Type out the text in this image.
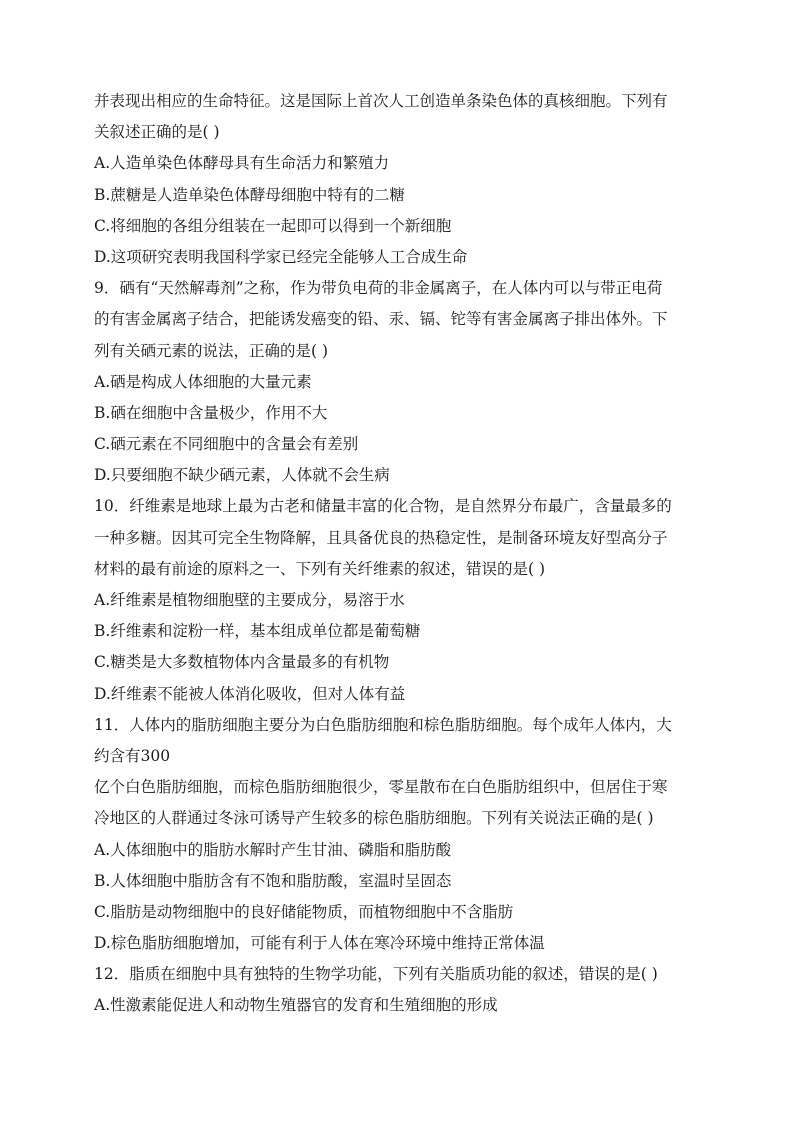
并表现出相应的生命特征。这是国际上首次人工创造单条染色体的真核细胞。下列有
关叙述正确的是( )
A.人造单染色体酵母具有生命活力和繁殖力
B.蔗糖是人造单染色体酵母细胞中特有的二糖
C.将细胞的各组分组装在一起即可以得到一个新细胞
D.这项研究表明我国科学家已经完全能够人工合成生命
9．硒有“天然解毒剂”之称，作为带负电荷的非金属离子，在人体内可以与带正电荷
的有害金属离子结合，把能诱发癌变的铅、汞、镉、铊等有害金属离子排出体外。下
列有关硒元素的说法，正确的是( )
A.硒是构成人体细胞的大量元素
B.硒在细胞中含量极少，作用不大
C.硒元素在不同细胞中的含量会有差别
D.只要细胞不缺少硒元素，人体就不会生病
10．纤维素是地球上最为古老和储量丰富的化合物，是自然界分布最广，含量最多的
一种多糖。因其可完全生物降解，且具备优良的热稳定性，是制备环境友好型高分子
材料的最有前途的原料之一、下列有关纤维素的叙述，错误的是( )
A.纤维素是植物细胞壁的主要成分，易溶于水
B.纤维素和淀粉一样，基本组成单位都是葡萄糖
C.糖类是大多数植物体内含量最多的有机物
D.纤维素不能被人体消化吸收，但对人体有益
11．人体内的脂肪细胞主要分为白色脂肪细胞和棕色脂肪细胞。每个成年人体内，大
约含有300
亿个白色脂肪细胞，而棕色脂肪细胞很少，零星散布在白色脂肪组织中，但居住于寒
冷地区的人群通过冬泳可诱导产生较多的棕色脂肪细胞。下列有关说法正确的是( )
A.人体细胞中的脂肪水解时产生甘油、磷脂和脂肪酸
B.人体细胞中脂肪含有不饱和脂肪酸，室温时呈固态
C.脂肪是动物细胞中的良好储能物质，而植物细胞中不含脂肪
D.棕色脂肪细胞增加，可能有利于人体在寒冷环境中维持正常体温
12．脂质在细胞中具有独特的生物学功能，下列有关脂质功能的叙述，错误的是( )
A.性激素能促进人和动物生殖器官的发育和生殖细胞的形成
